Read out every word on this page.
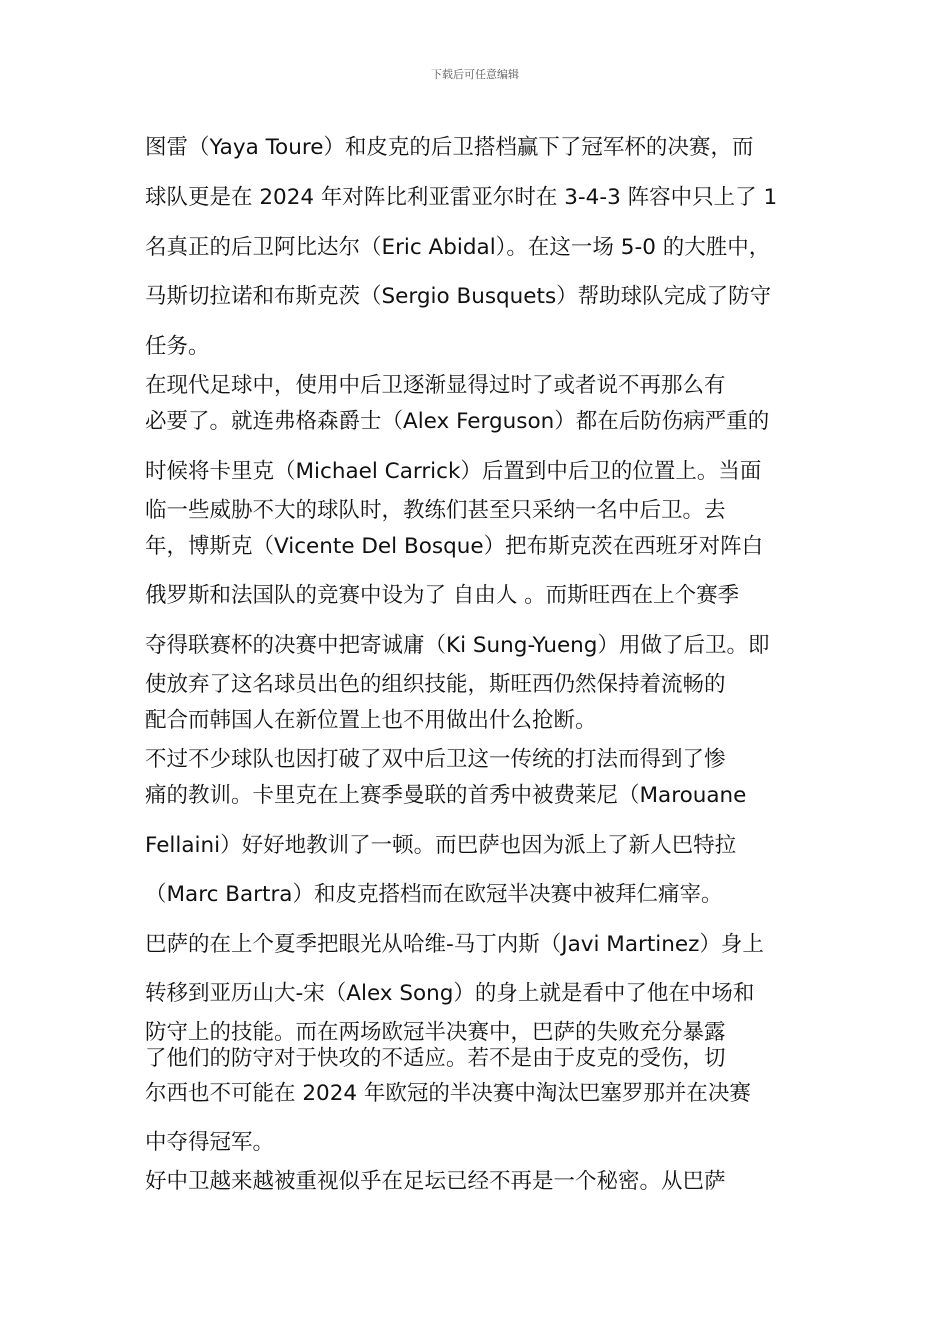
下载后可任意编辑
图雷（Yaya Toure）和皮克的后卫搭档赢下了冠军杯的决赛，而
球队更是在 2024 年对阵比利亚雷亚尔时在 3-4-3 阵容中只上了 1
名真正的后卫阿比达尔（Eric Abidal）。在这一场 5-0 的大胜中，
马斯切拉诺和布斯克茨（Sergio Busquets）帮助球队完成了防守
任务。
在现代足球中，使用中后卫逐渐显得过时了或者说不再那么有
必要了。就连弗格森爵士（Alex Ferguson）都在后防伤病严重的
时候将卡里克（Michael Carrick）后置到中后卫的位置上。当面
临一些威胁不大的球队时，教练们甚至只采纳一名中后卫。去
年，博斯克（Vicente Del Bosque）把布斯克茨在西班牙对阵白
俄罗斯和法国队的竞赛中设为了 自由人 。而斯旺西在上个赛季
夺得联赛杯的决赛中把寄诚庸（Ki Sung-Yueng）用做了后卫。即
使放弃了这名球员出色的组织技能，斯旺西仍然保持着流畅的
配合而韩国人在新位置上也不用做出什么抢断。
不过不少球队也因打破了双中后卫这一传统的打法而得到了惨
痛的教训。卡里克在上赛季曼联的首秀中被费莱尼（Marouane
Fellaini）好好地教训了一顿。而巴萨也因为派上了新人巴特拉
（Marc Bartra）和皮克搭档而在欧冠半决赛中被拜仁痛宰。
巴萨的在上个夏季把眼光从哈维-马丁内斯（Javi Martinez）身上
转移到亚历山大-宋（Alex Song）的身上就是看中了他在中场和
防守上的技能。而在两场欧冠半决赛中，巴萨的失败充分暴露
了他们的防守对于快攻的不适应。若不是由于皮克的受伤，切
尔西也不可能在 2024 年欧冠的半决赛中淘汰巴塞罗那并在决赛
中夺得冠军。
好中卫越来越被重视似乎在足坛已经不再是一个秘密。从巴萨
